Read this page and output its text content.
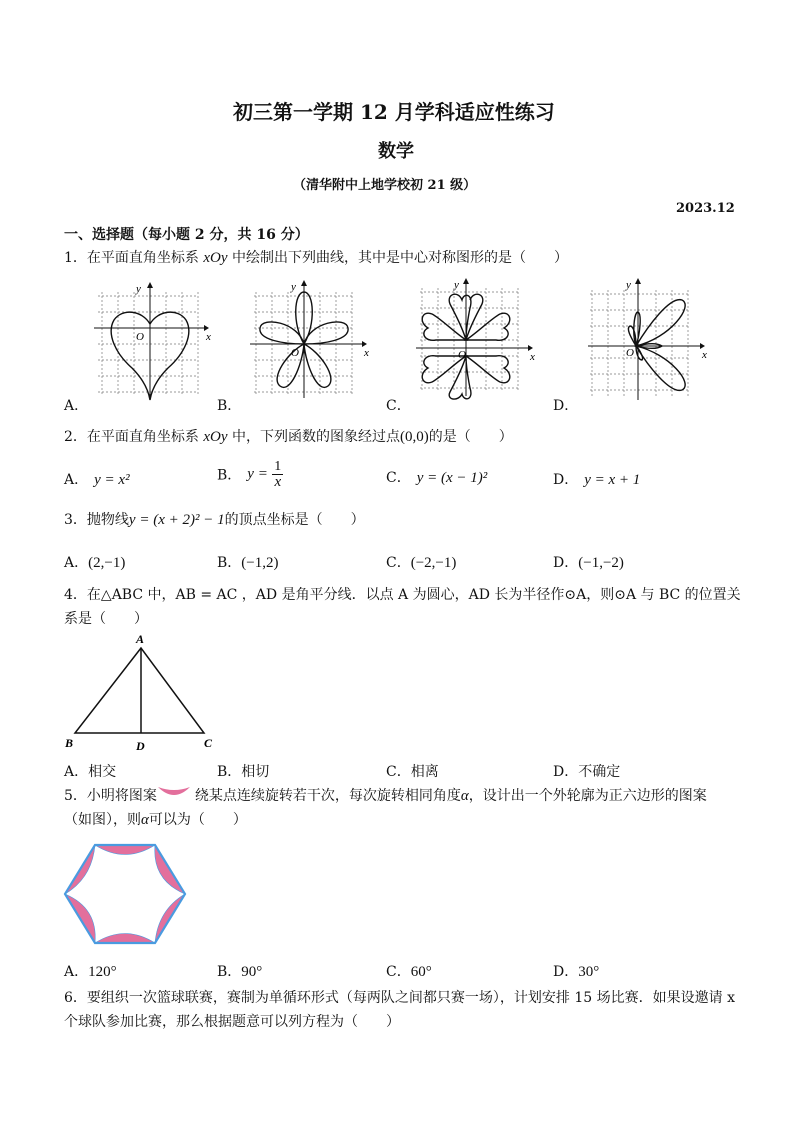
初三第一学期 12 月学科适应性练习
数学
（清华附中上地学校初 21 级）
2023.12
一、选择题（每小题 2 分，共 16 分）
1．在平面直角坐标系 xOy 中绘制出下列曲线，其中是中心对称图形的是（　　）
x
y
O
x
y
O	x
y
O	x
y
O
A．	B．	C．	D．
2．在平面直角坐标系 xOy 中，下列函数的图象经过点(0,0)的是（　　）
A． y = x²	B． $y = \frac{1}{x}$	C． y = (x − 1)²	D． y = x + 1
3．抛物线y = (x + 2)² − 1的顶点坐标是（　　）
A．(2,−1)	B．(−1,2)	C．(−2,−1)	D．(−1,−2)
4．在△ABC 中，AB = AC ，AD 是角平分线．以点 A 为圆心，AD 长为半径作⊙A，则⊙A 与 BC 的位置关
系是（　　）
A
B	D	C
A．相交	B．相切	C．相离	D．不确定
5．小明将图案	绕某点连续旋转若干次，每次旋转相同角度α，设计出一个外轮廓为正六边形的图案
（如图），则α可以为（　　）
A．120°	B．90°	C．60°	D．30°
6．要组织一次篮球联赛，赛制为单循环形式（每两队之间都只赛一场），计划安排 15 场比赛．如果设邀请 x
个球队参加比赛，那么根据题意可以列方程为（　　）
